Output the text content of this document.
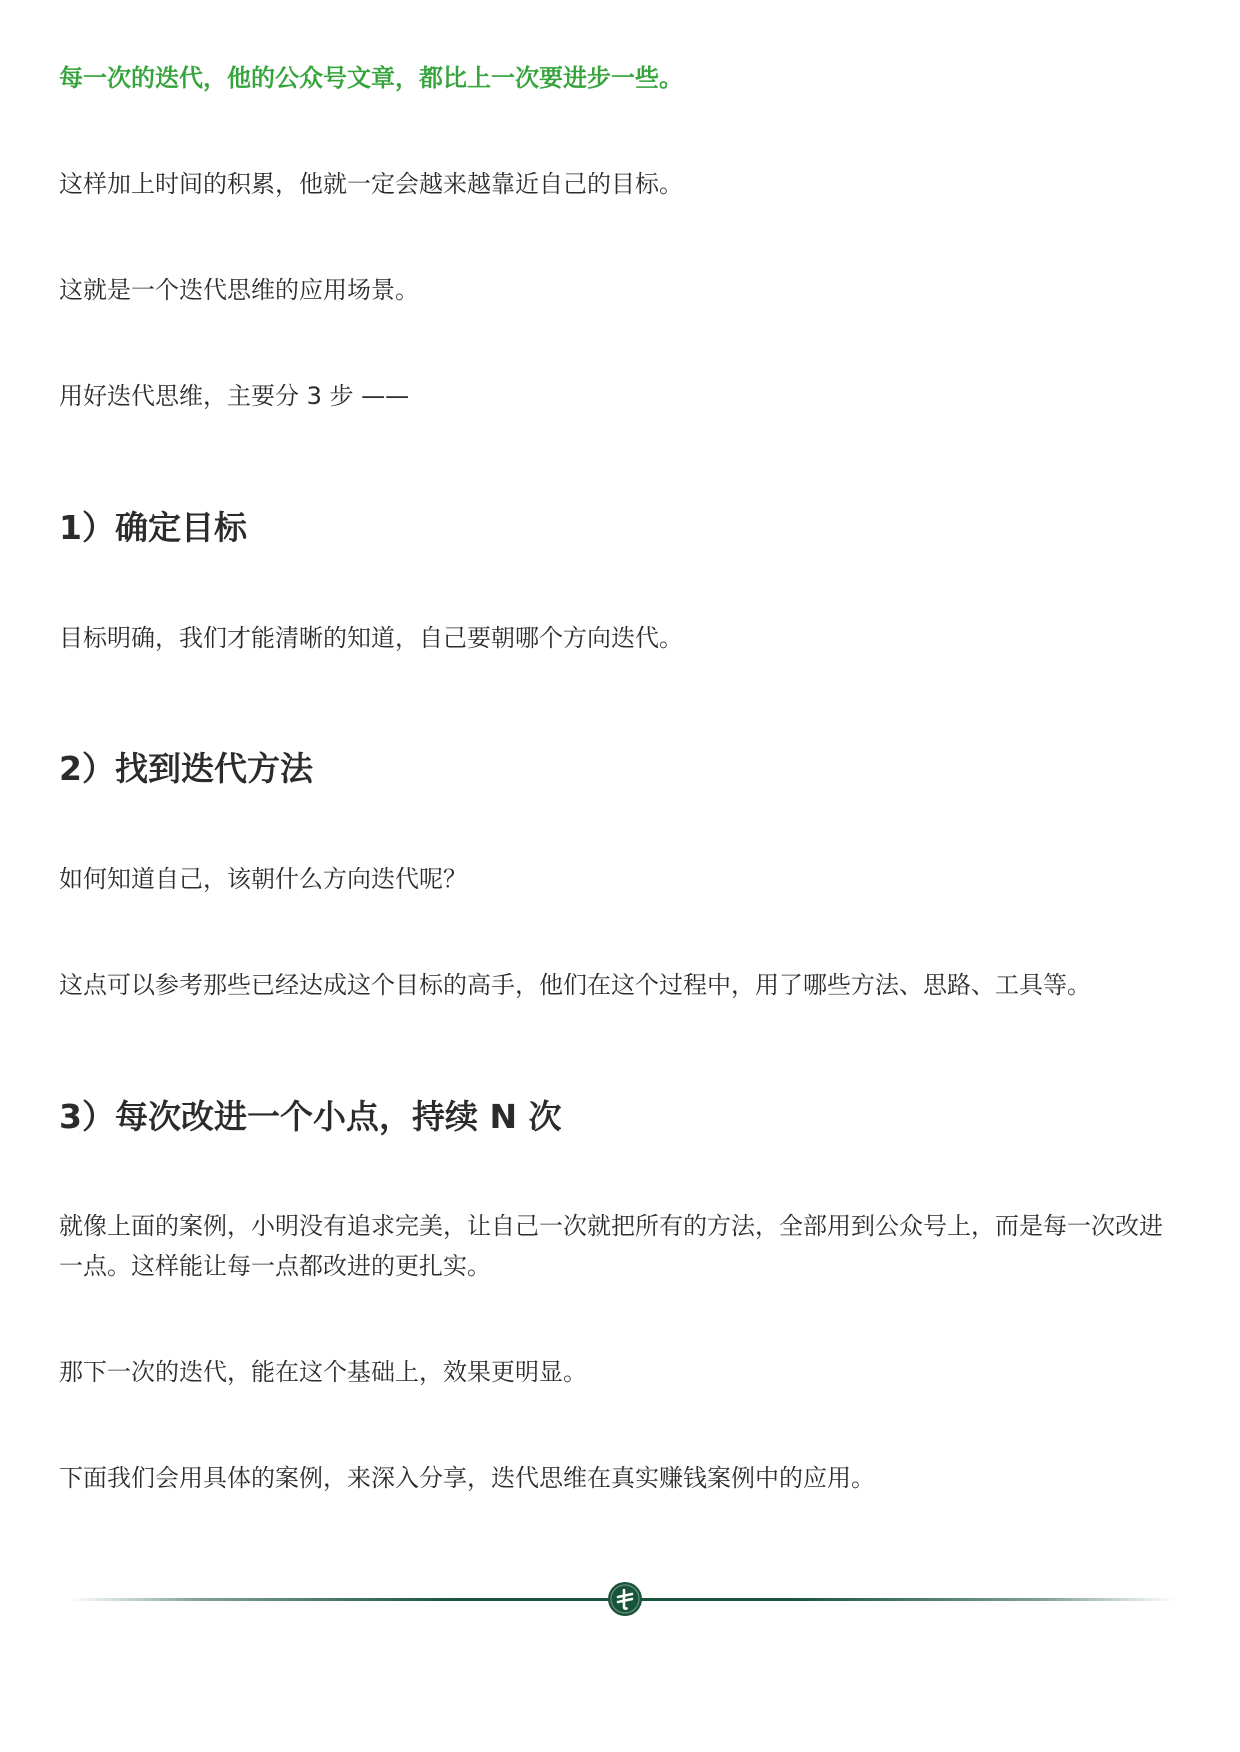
每一次的迭代，他的公众号文章，都比上一次要进步一些。

这样加上时间的积累，他就一定会越来越靠近自己的目标。

这就是一个迭代思维的应用场景。

用好迭代思维，主要分 3 步 ——

1）确定目标

目标明确，我们才能清晰的知道，自己要朝哪个方向迭代。

2）找到迭代方法

如何知道自己，该朝什么方向迭代呢？

这点可以参考那些已经达成这个目标的高手，他们在这个过程中，用了哪些方法、思路、工具等。

3）每次改进一个小点，持续 N 次

就像上面的案例，小明没有追求完美，让自己一次就把所有的方法，全部用到公众号上，而是每一次改进一点。这样能让每一点都改进的更扎实。

那下一次的迭代，能在这个基础上，效果更明显。

下面我们会用具体的案例，来深入分享，迭代思维在真实赚钱案例中的应用。
